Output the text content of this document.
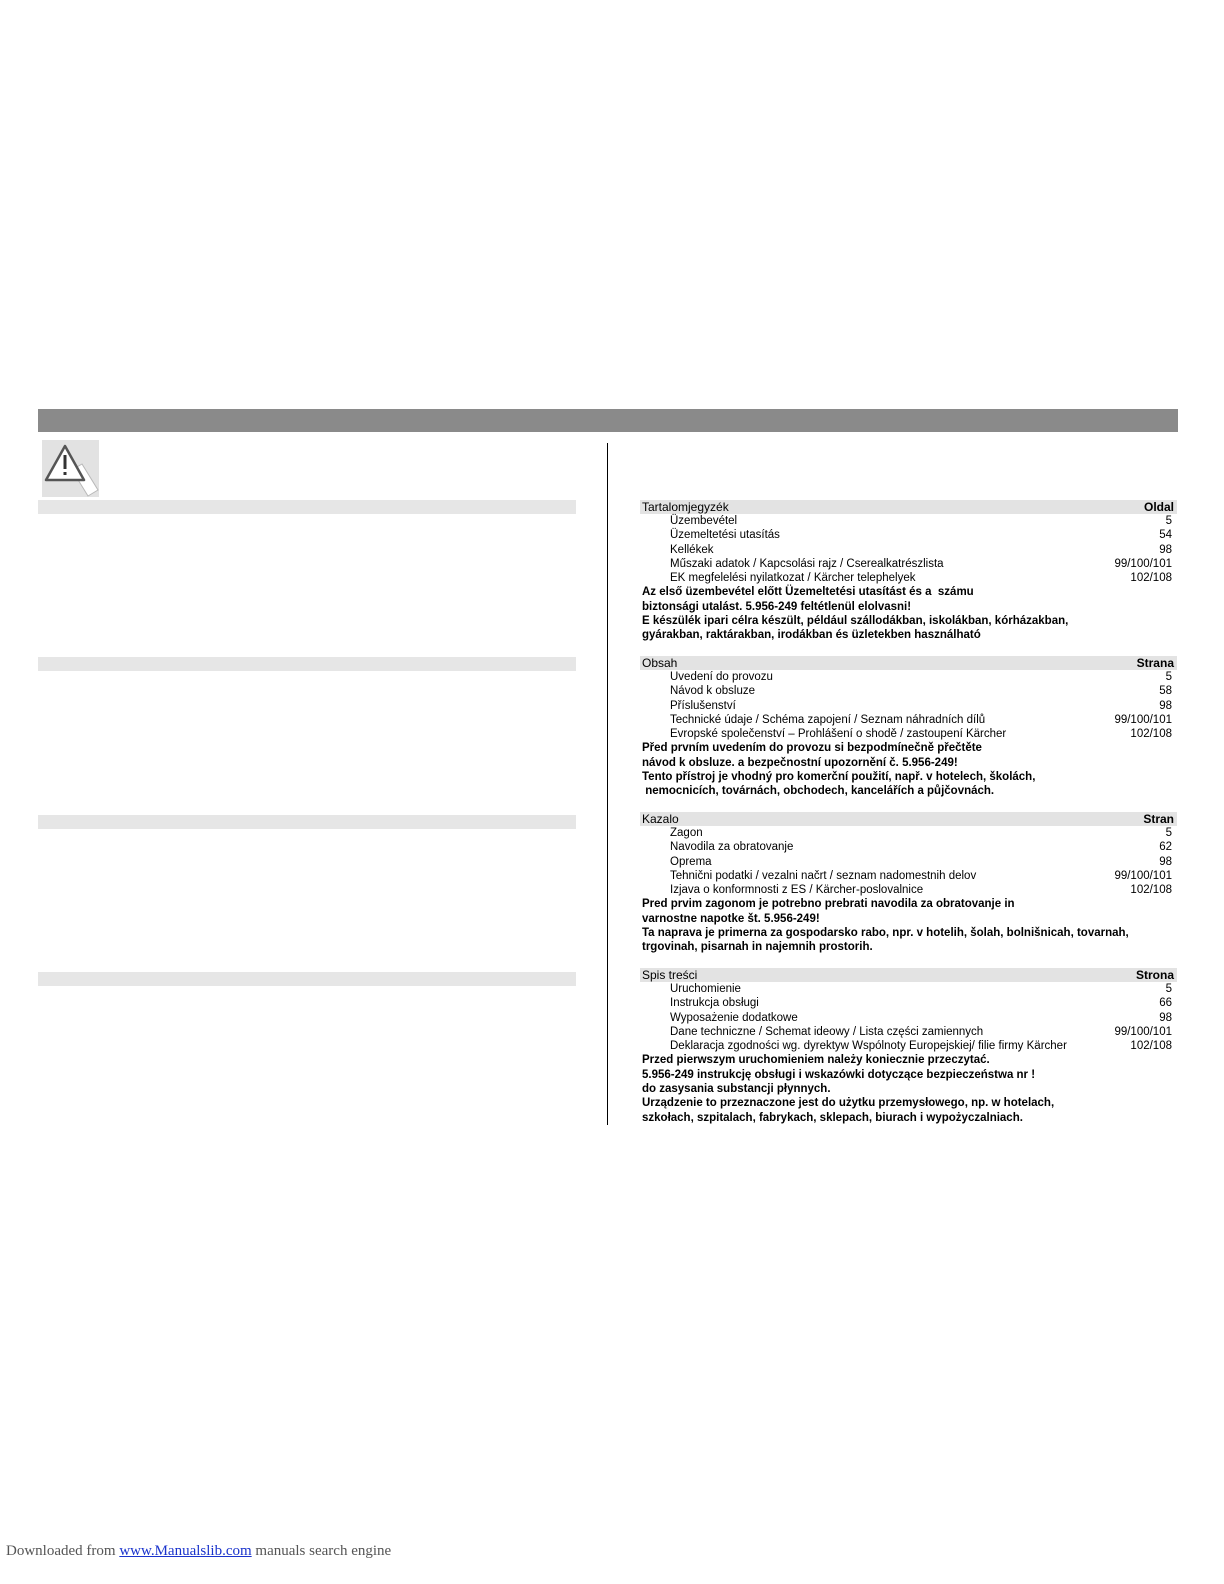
Tartalomjegyzék	Oldal
Üzembevétel	5
Üzemeltetési utasítás	54
Kellékek	98
Műszaki adatok / Kapcsolási rajz / Cserealkatrészlista	99/100/101
EK megfelelési nyilatkozat / Kärcher telephelyek	102/108
Az első üzembevétel előtt Üzemeltetési utasítást és a  számu
biztonsági utalást. 5.956-249 feltétlenül elolvasni!
E készülék ipari célra készült, például szállodákban, iskolákban, kórházakban,
gyárakban, raktárakban, irodákban és üzletekben használható
Obsah	Strana
Uvedení do provozu	5
Návod k obsluze	58
Příslušenství	98
Technické údaje / Schéma zapojení / Seznam náhradních dílů	99/100/101
Evropské společenství – Prohlášení o shodě / zastoupení Kärcher	102/108
Před prvním uvedením do provozu si bezpodmínečně přečtěte
návod k obsluze. a bezpečnostní upozornění č. 5.956-249!
Tento přístroj je vhodný pro komerční použití, např. v hotelech, školách,
nemocnicích, továrnách, obchodech, kancelářích a půjčovnách.
Kazalo	Stran
Zagon	5
Navodila za obratovanje	62
Oprema	98
Tehnični podatki / vezalni načrt / seznam nadomestnih delov	99/100/101
Izjava o konformnosti z ES / Kärcher-poslovalnice	102/108
Pred prvim zagonom je potrebno prebrati navodila za obratovanje in
varnostne napotke št. 5.956-249!
Ta naprava je primerna za gospodarsko rabo, npr. v hotelih, šolah, bolnišnicah, tovarnah,
trgovinah, pisarnah in najemnih prostorih.
Spis treści	Strona
Uruchomienie	5
Instrukcja obsługi	66
Wyposażenie dodatkowe	98
Dane techniczne / Schemat ideowy / Lista części zamiennych	99/100/101
Deklaracja zgodności wg. dyrektyw Wspólnoty Europejskiej/ filie firmy Kärcher	102/108
Przed pierwszym uruchomieniem należy koniecznie przeczytać.
5.956-249 instrukcję obsługi i wskazówki dotyczące bezpieczeństwa nr !
do zasysania substancji płynnych.
Urządzenie to przeznaczone jest do użytku przemysłowego, np. w hotelach,
szkołach, szpitalach, fabrykach, sklepach, biurach i wypożyczalniach.
Downloaded from www.Manualslib.com manuals search engine
